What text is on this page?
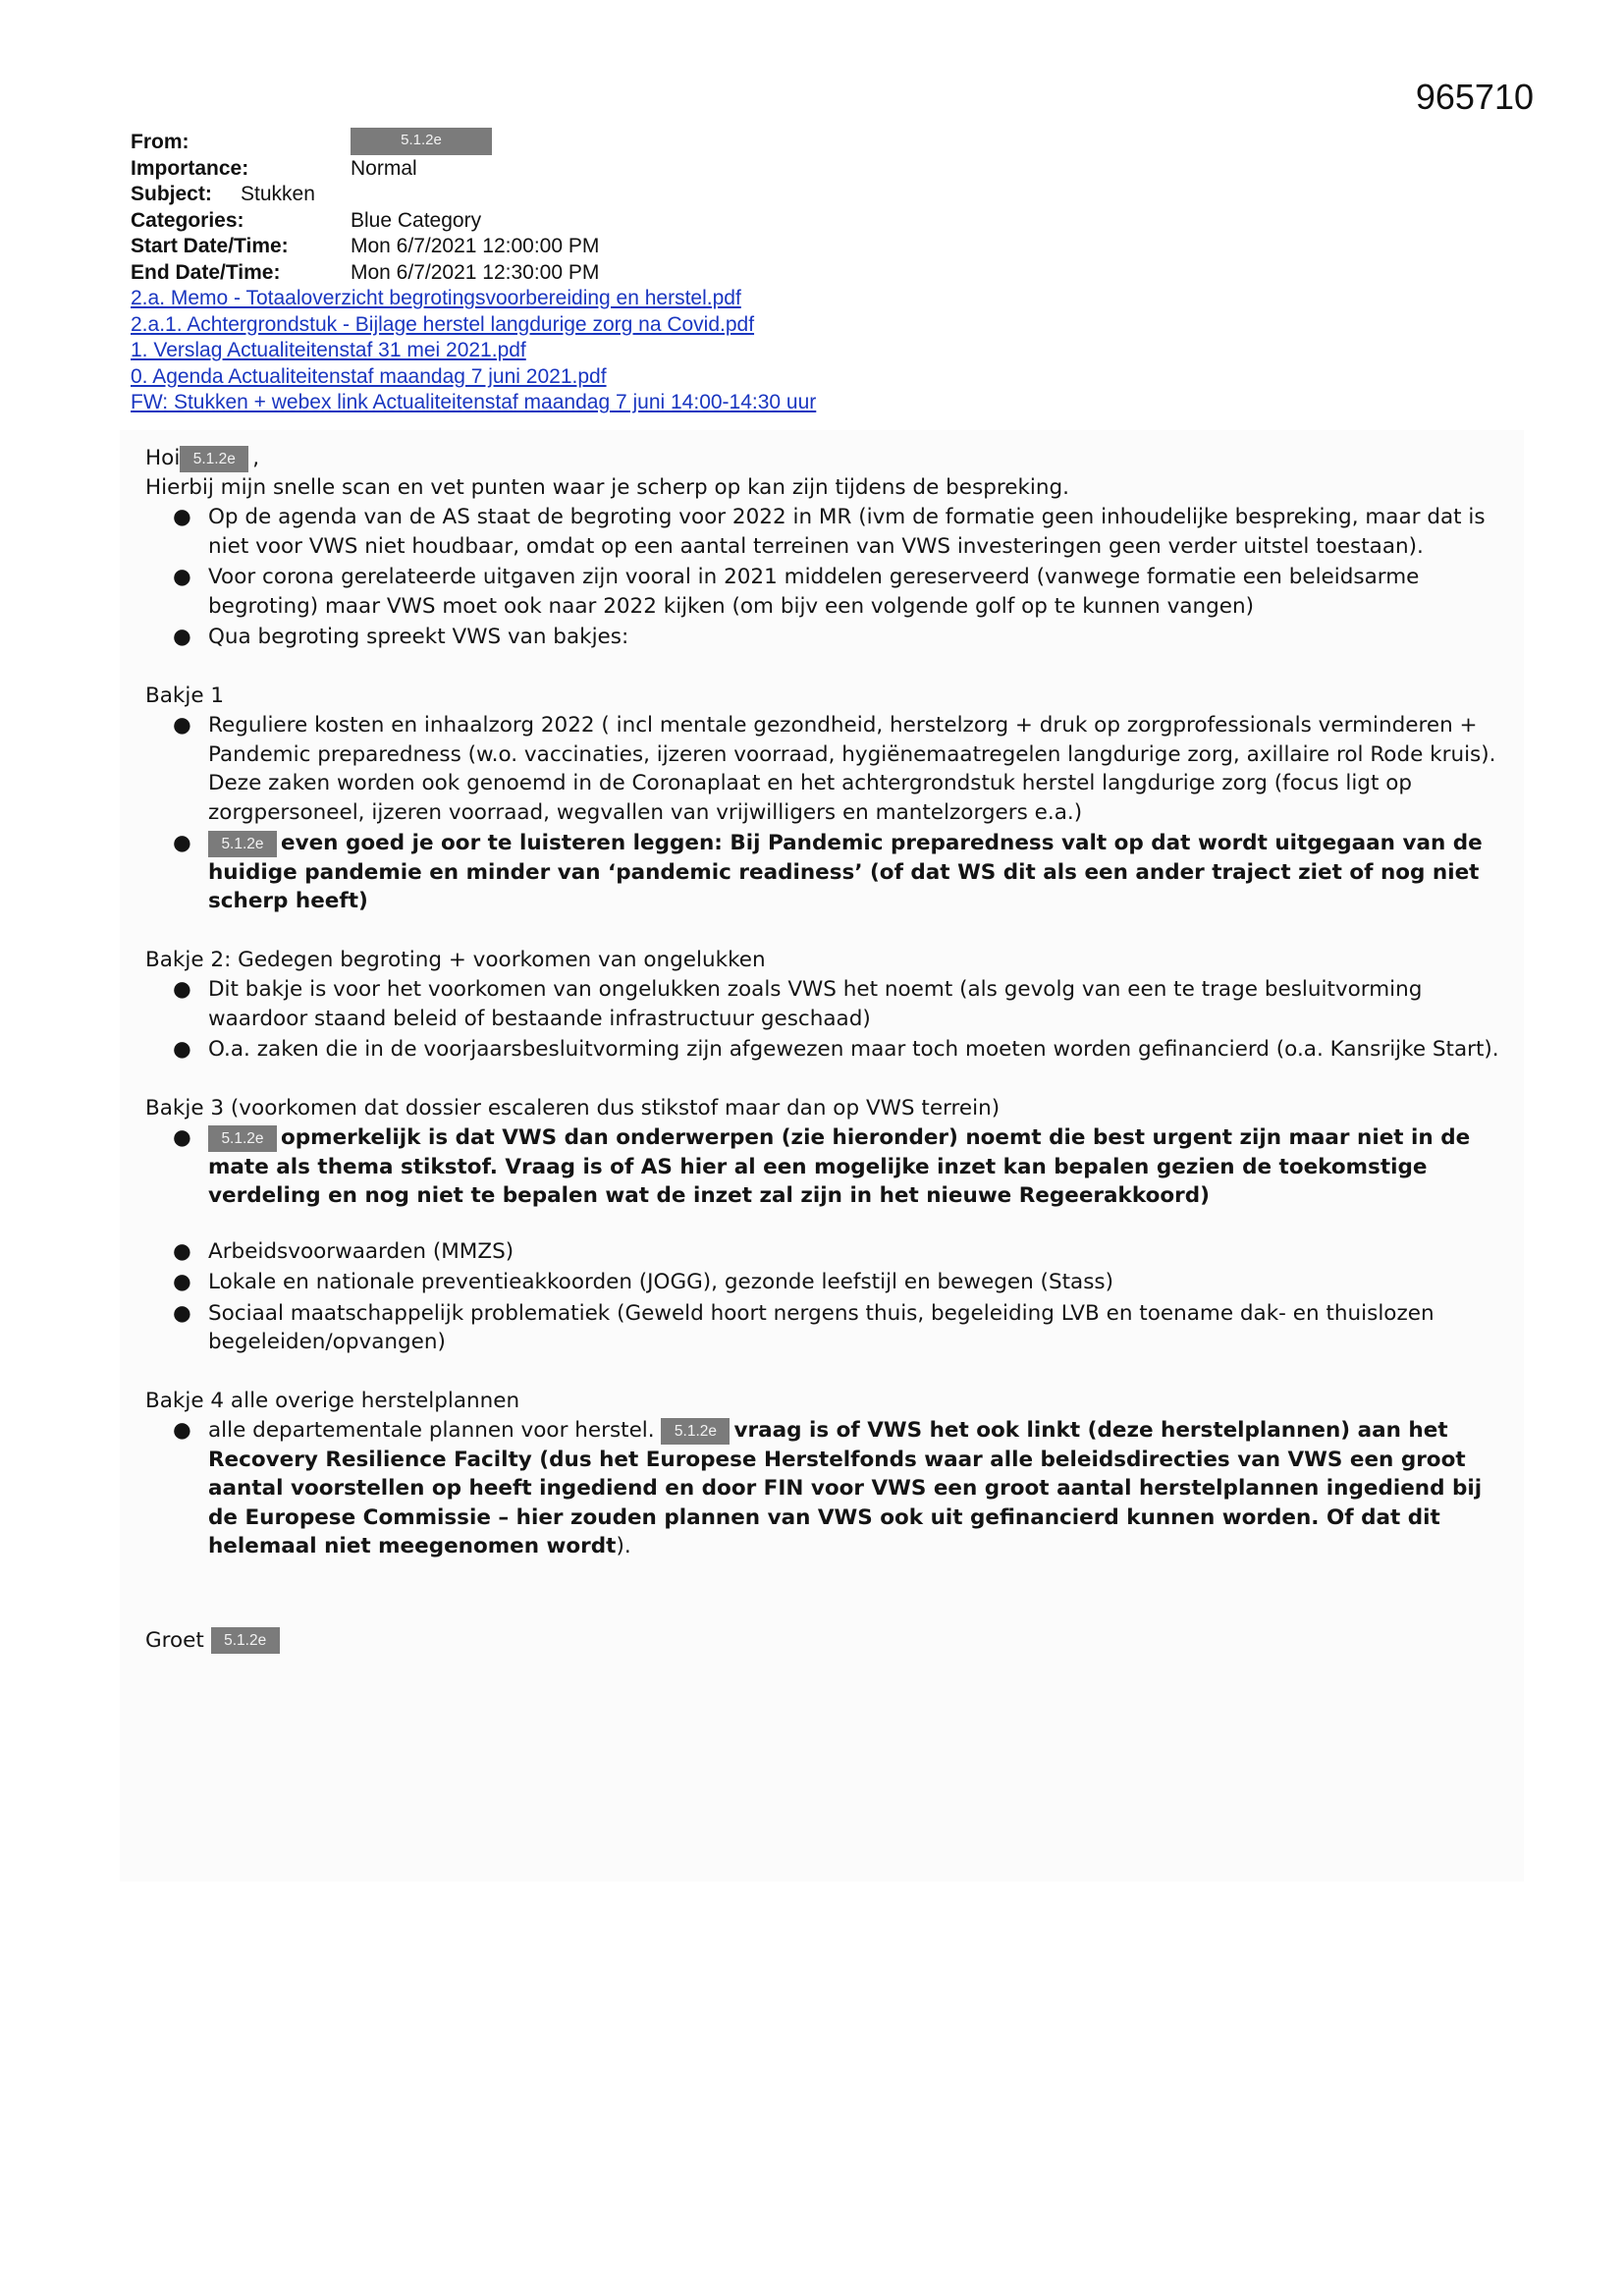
965710
From:	5.1.2e
Importance:	Normal
Subject: Stukken
Categories:	Blue Category
Start Date/Time:	Mon 6/7/2021 12:00:00 PM
End Date/Time:	Mon 6/7/2021 12:30:00 PM
2.a. Memo - Totaaloverzicht begrotingsvoorbereiding en herstel.pdf
2.a.1. Achtergrondstuk - Bijlage herstel langdurige zorg na Covid.pdf
1. Verslag Actualiteitenstaf 31 mei 2021.pdf
0. Agenda Actualiteitenstaf maandag 7 juni 2021.pdf
FW: Stukken + webex link Actualiteitenstaf maandag 7 juni 14:00-14:30 uur

Hoi 5.1.2e ,

Hierbij mijn snelle scan en vet punten waar je scherp op kan zijn tijdens de bespreking.

● Op de agenda van de AS staat de begroting voor 2022 in MR (ivm de formatie geen inhoudelijke bespreking, maar dat is niet voor VWS niet houdbaar, omdat op een aantal terreinen van VWS investeringen geen verder uitstel toestaan).
● Voor corona gerelateerde uitgaven zijn vooral in 2021 middelen gereserveerd (vanwege formatie een beleidsarme begroting) maar VWS moet ook naar 2022 kijken (om bijv een volgende golf op te kunnen vangen)
● Qua begroting spreekt VWS van bakjes:

Bakje 1

● Reguliere kosten en inhaalzorg 2022 ( incl mentale gezondheid, herstelzorg + druk op zorgprofessionals verminderen + Pandemic preparedness (w.o. vaccinaties, ijzeren voorraad, hygiënemaatregelen langdurige zorg, axillaire rol Rode kruis). Deze zaken worden ook genoemd in de Coronaplaat en het achtergrondstuk herstel langdurige zorg (focus ligt op zorgpersoneel, ijzeren voorraad, wegvallen van vrijwilligers en mantelzorgers e.a.)
● 5.1.2e even goed je oor te luisteren leggen: Bij Pandemic preparedness valt op dat wordt uitgegaan van de huidige pandemie en minder van ‘pandemic readiness’ (of dat WS dit als een ander traject ziet of nog niet scherp heeft)

Bakje 2: Gedegen begroting + voorkomen van ongelukken

● Dit bakje is voor het voorkomen van ongelukken zoals VWS het noemt (als gevolg van een te trage besluitvorming waardoor staand beleid of bestaande infrastructuur geschaad)
● O.a. zaken die in de voorjaarsbesluitvorming zijn afgewezen maar toch moeten worden gefinancierd (o.a. Kansrijke Start).

Bakje 3 (voorkomen dat dossier escaleren dus stikstof maar dan op VWS terrein)

● 5.1.2e opmerkelijk is dat VWS dan onderwerpen (zie hieronder) noemt die best urgent zijn maar niet in de mate als thema stikstof. Vraag is of AS hier al een mogelijke inzet kan bepalen gezien de toekomstige verdeling en nog niet te bepalen wat de inzet zal zijn in het nieuwe Regeerakkoord)
● Arbeidsvoorwaarden (MMZS)
● Lokale en nationale preventieakkoorden (JOGG), gezonde leefstijl en bewegen (Stass)
● Sociaal maatschappelijk problematiek (Geweld hoort nergens thuis, begeleiding LVB en toename dak- en thuislozen begeleiden/opvangen)

Bakje 4 alle overige herstelplannen

● alle departementale plannen voor herstel. 5.1.2e vraag is of VWS het ook linkt (deze herstelplannen) aan het Recovery Resilience Facilty (dus het Europese Herstelfonds waar alle beleidsdirecties van VWS een groot aantal voorstellen op heeft ingediend en door FIN voor VWS een groot aantal herstelplannen ingediend bij de Europese Commissie – hier zouden plannen van VWS ook uit gefinancierd kunnen worden. Of dat dit helemaal niet meegenomen wordt).

Groet 5.1.2e
